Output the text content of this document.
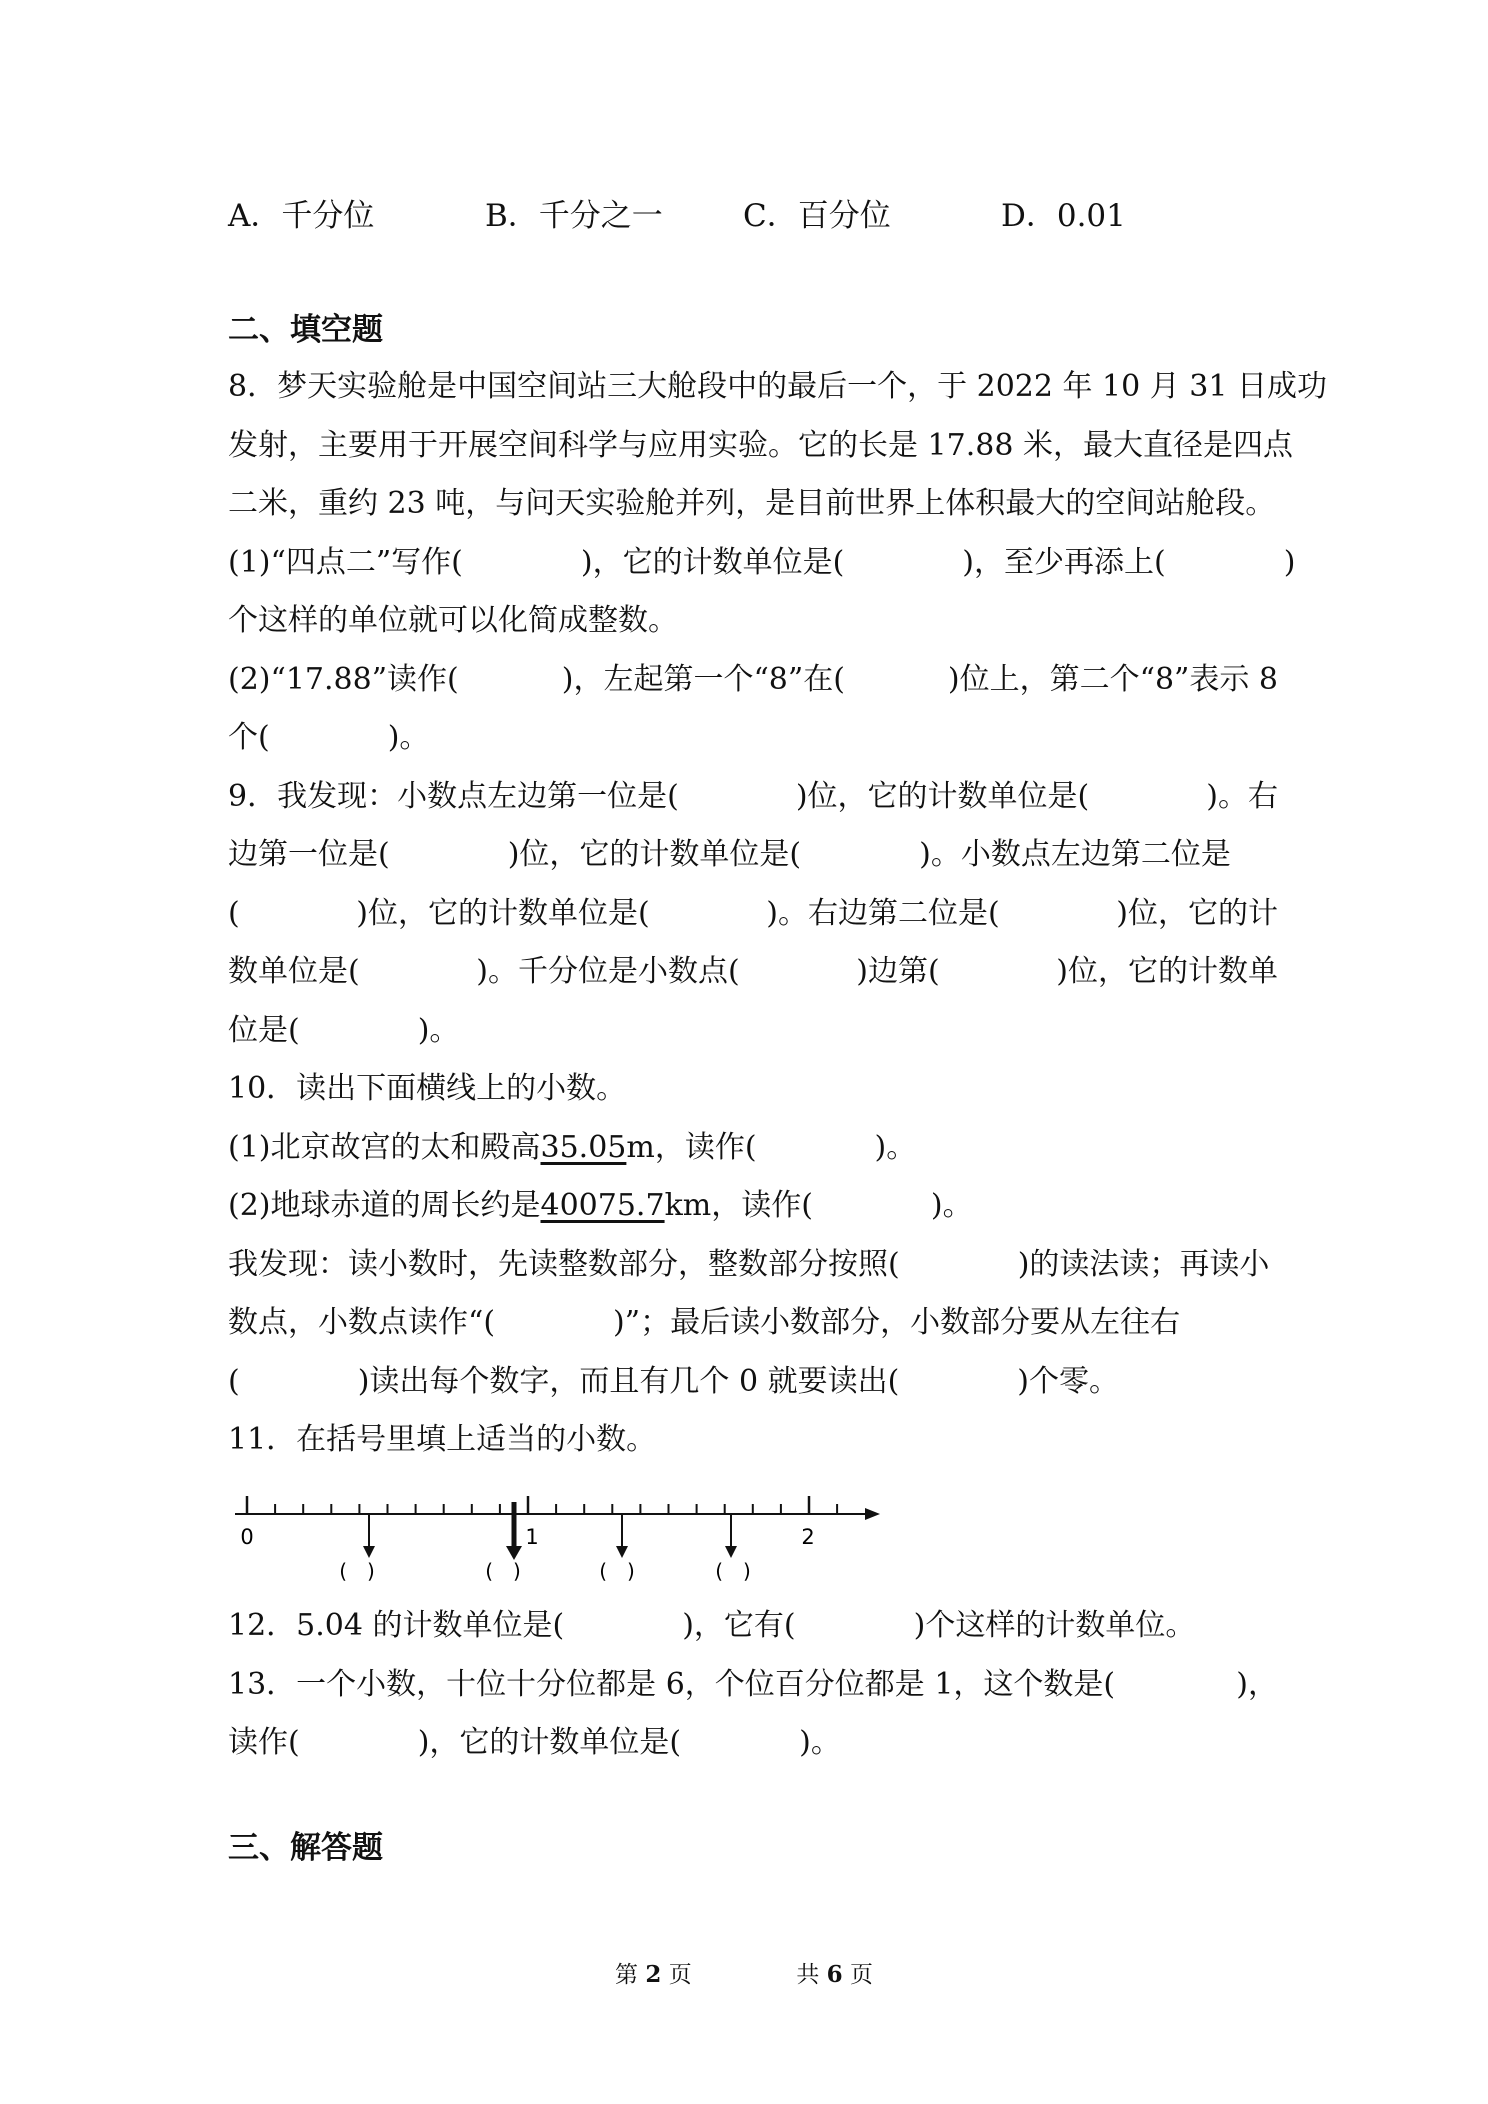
A．千分位	B．千分之一	C．百分位	D．0.01
二、填空题
8．梦天实验舱是中国空间站三大舱段中的最后一个，于 2022 年 10 月 31 日成功
发射，主要用于开展空间科学与应用实验。它的长是 17.88 米，最大直径是四点
二米，重约 23 吨，与问天实验舱并列，是目前世界上体积最大的空间站舱段。
(1)“四点二”写作(	)，它的计数单位是(	)，至少再添上(	)
个这样的单位就可以化简成整数。
(2)“17.88”读作(	)，左起第一个“8”在(	)位上，第二个“8”表示 8
个(	)。
9．我发现：小数点左边第一位是(	)位，它的计数单位是(	)。右
边第一位是(	)位，它的计数单位是(	)。小数点左边第二位是
(	)位，它的计数单位是(	)。右边第二位是(	)位，它的计
数单位是(	)。千分位是小数点(	)边第(	)位，它的计数单
位是(	)。
10．读出下面横线上的小数。
(1)北京故宫的太和殿高 35.05 m，读作(	)。
(2)地球赤道的周长约是 40075.7 km，读作(	)。
我发现：读小数时，先读整数部分，整数部分按照(	)的读法读；再读小
数点，小数点读作“(	)”；最后读小数部分，小数部分要从左往右
(	)读出每个数字，而且有几个 0 就要读出(	)个零。
11．在括号里填上适当的小数。
0	1	2
(　)	(　)	(　)	(　)
12．5.04 的计数单位是(	)，它有(	)个这样的计数单位。
13．一个小数，十位十分位都是 6，个位百分位都是 1，这个数是(	)，
读作(	)，它的计数单位是(	)。
三、解答题
第 2 页	共 6 页
